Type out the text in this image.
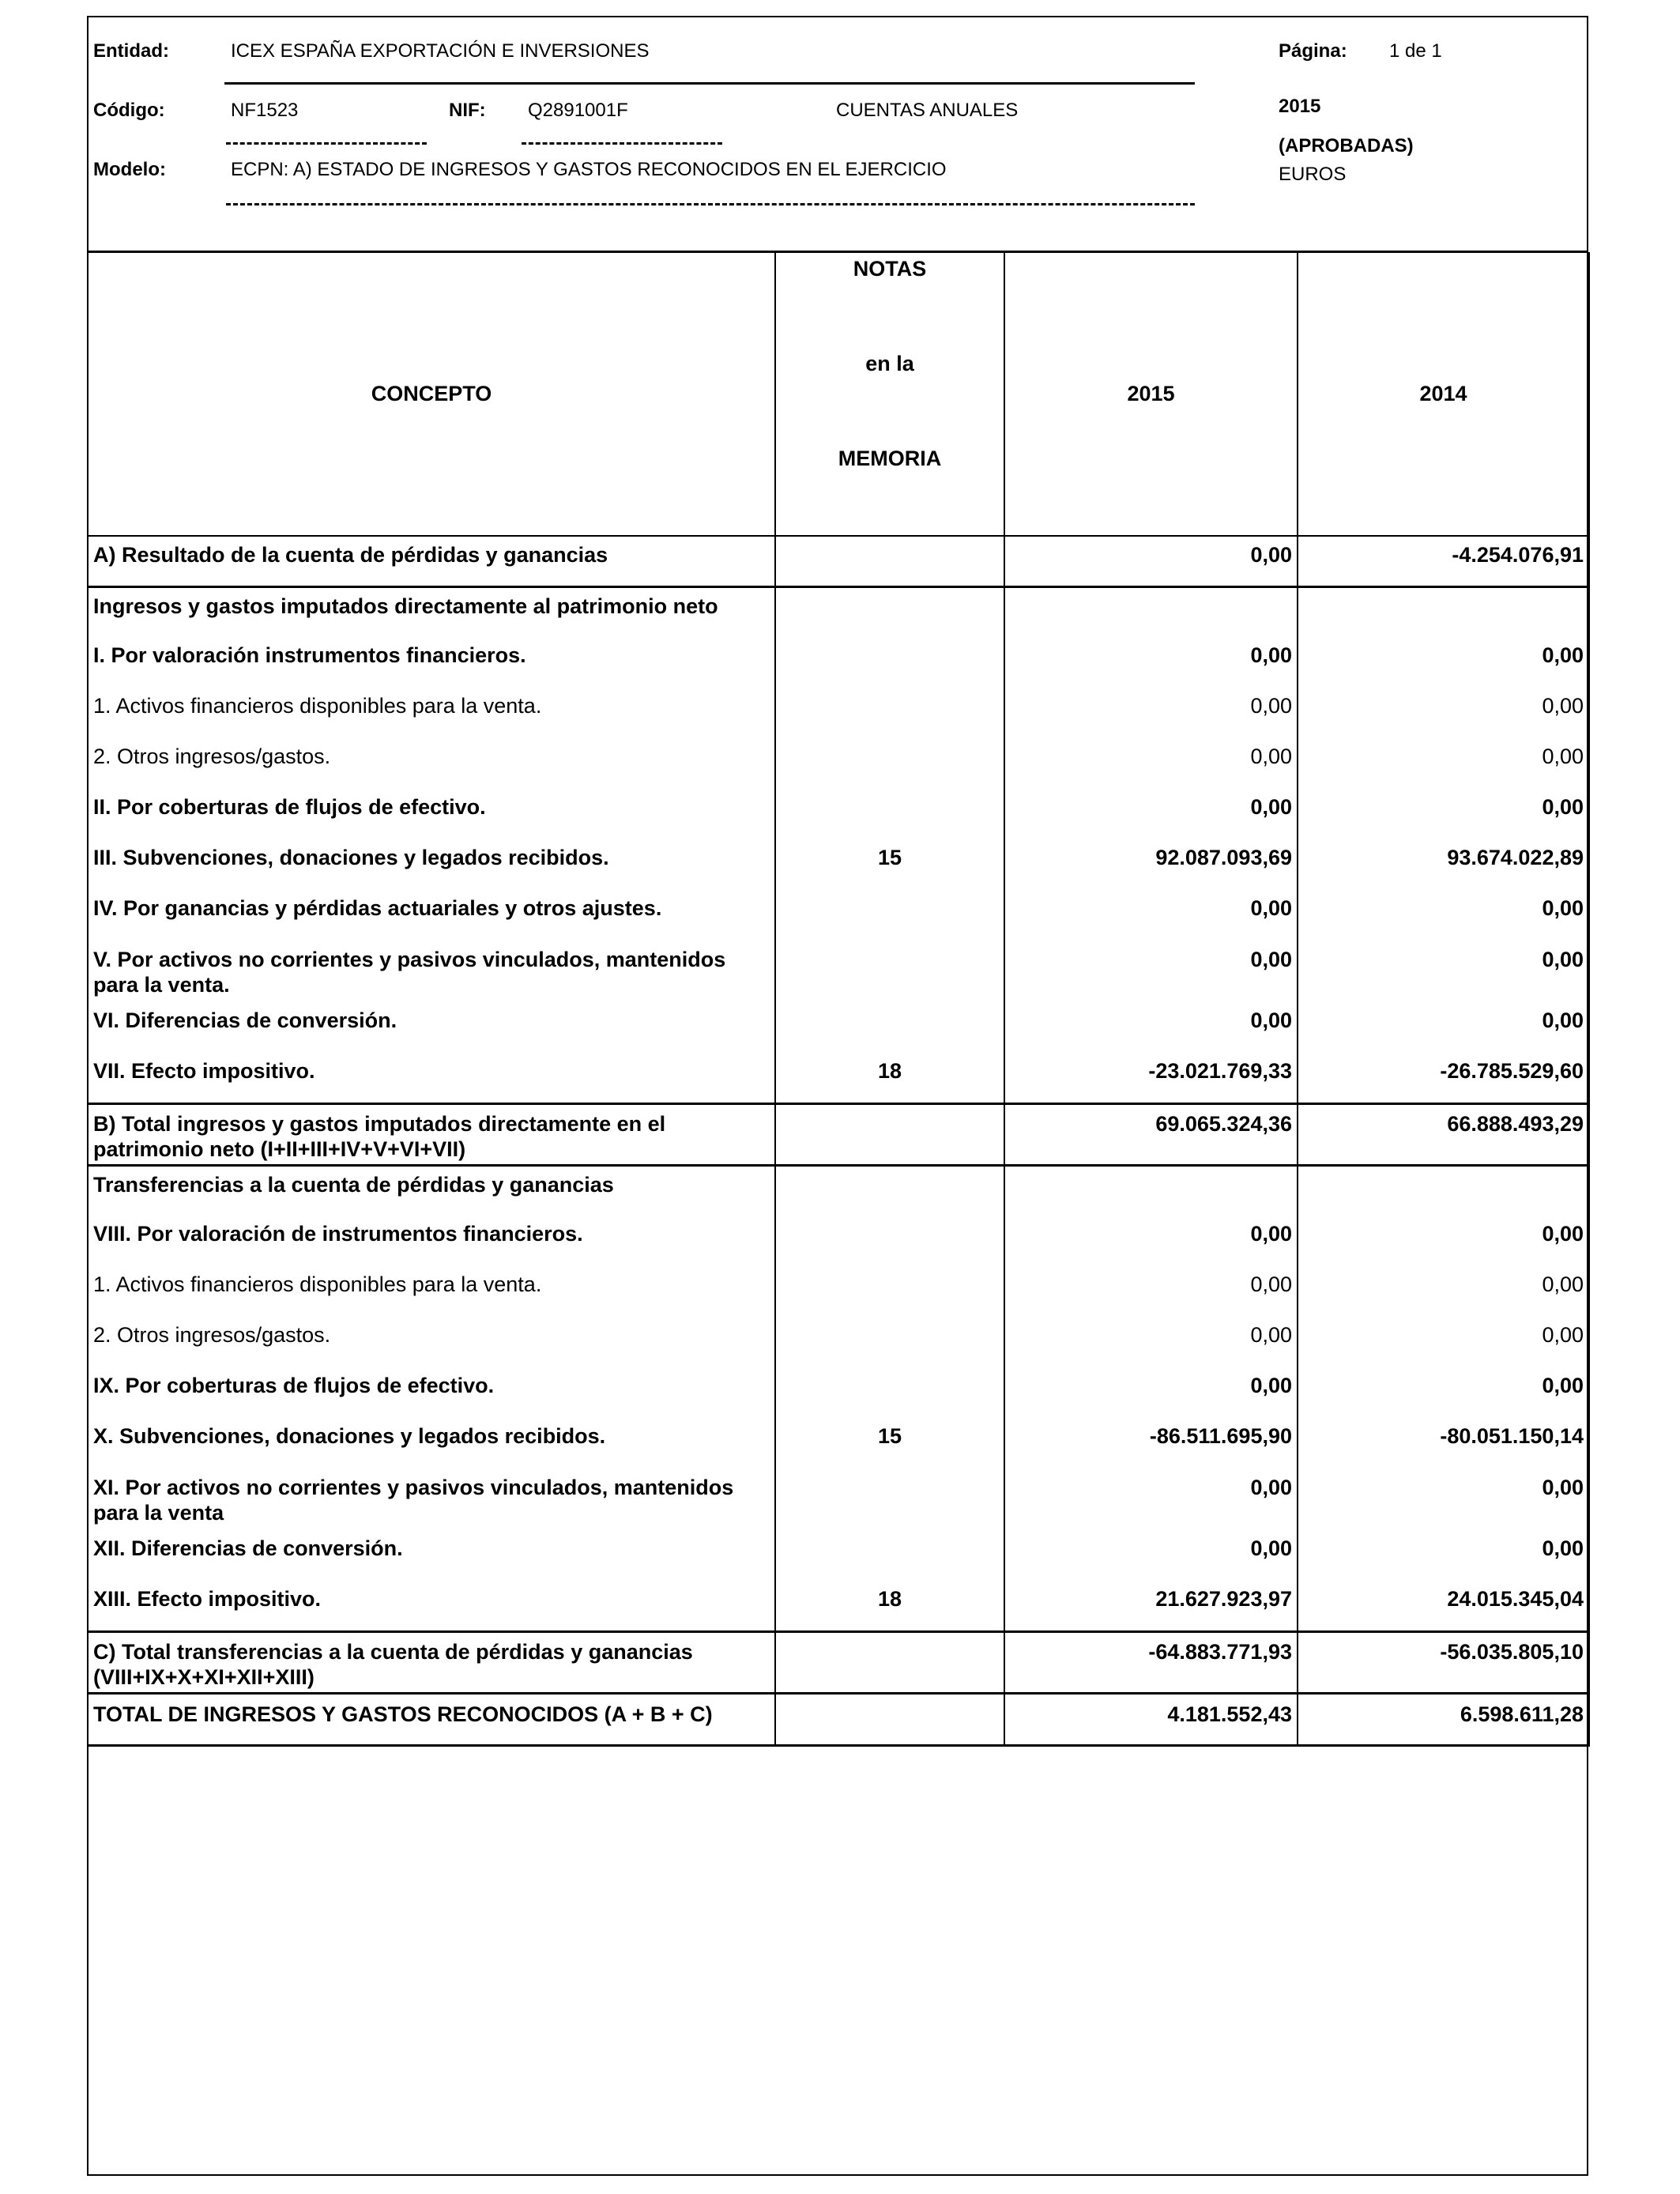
Entidad:	ICEX ESPAÑA EXPORTACIÓN E INVERSIONES	Página: 1 de 1
Código:	NF1523	NIF: Q2891001F	CUENTAS ANUALES	2015
(APROBADAS)
Modelo:	ECPN: A) ESTADO DE INGRESOS Y GASTOS RECONOCIDOS EN EL EJERCICIO	EUROS
CONCEPTO	NOTAS
en la
MEMORIA	2015	2014
A) Resultado de la cuenta de pérdidas y ganancias		0,00	-4.254.076,91
Ingresos y gastos imputados directamente al patrimonio neto			
I. Por valoración instrumentos financieros.		0,00	0,00
1. Activos financieros disponibles para la venta.		0,00	0,00
2. Otros ingresos/gastos.		0,00	0,00
II. Por coberturas de flujos de efectivo.		0,00	0,00
III. Subvenciones, donaciones y legados recibidos.	15	92.087.093,69	93.674.022,89
IV. Por ganancias y pérdidas actuariales y otros ajustes.		0,00	0,00
V. Por activos no corrientes y pasivos vinculados, mantenidos para la venta.		0,00	0,00
VI. Diferencias de conversión.		0,00	0,00
VII. Efecto impositivo.	18	-23.021.769,33	-26.785.529,60
B) Total ingresos y gastos imputados directamente en el patrimonio neto (I+II+III+IV+V+VI+VII)		69.065.324,36	66.888.493,29
Transferencias a la cuenta de pérdidas y ganancias			
VIII. Por valoración de instrumentos financieros.		0,00	0,00
1. Activos financieros disponibles para la venta.		0,00	0,00
2. Otros ingresos/gastos.		0,00	0,00
IX. Por coberturas de flujos de efectivo.		0,00	0,00
X. Subvenciones, donaciones y legados recibidos.	15	-86.511.695,90	-80.051.150,14
XI. Por activos no corrientes y pasivos vinculados, mantenidos para la venta		0,00	0,00
XII. Diferencias de conversión.		0,00	0,00
XIII. Efecto impositivo.	18	21.627.923,97	24.015.345,04
C) Total transferencias a la cuenta de pérdidas y ganancias (VIII+IX+X+XI+XII+XIII)		-64.883.771,93	-56.035.805,10
TOTAL DE INGRESOS Y GASTOS RECONOCIDOS (A + B + C)		4.181.552,43	6.598.611,28
